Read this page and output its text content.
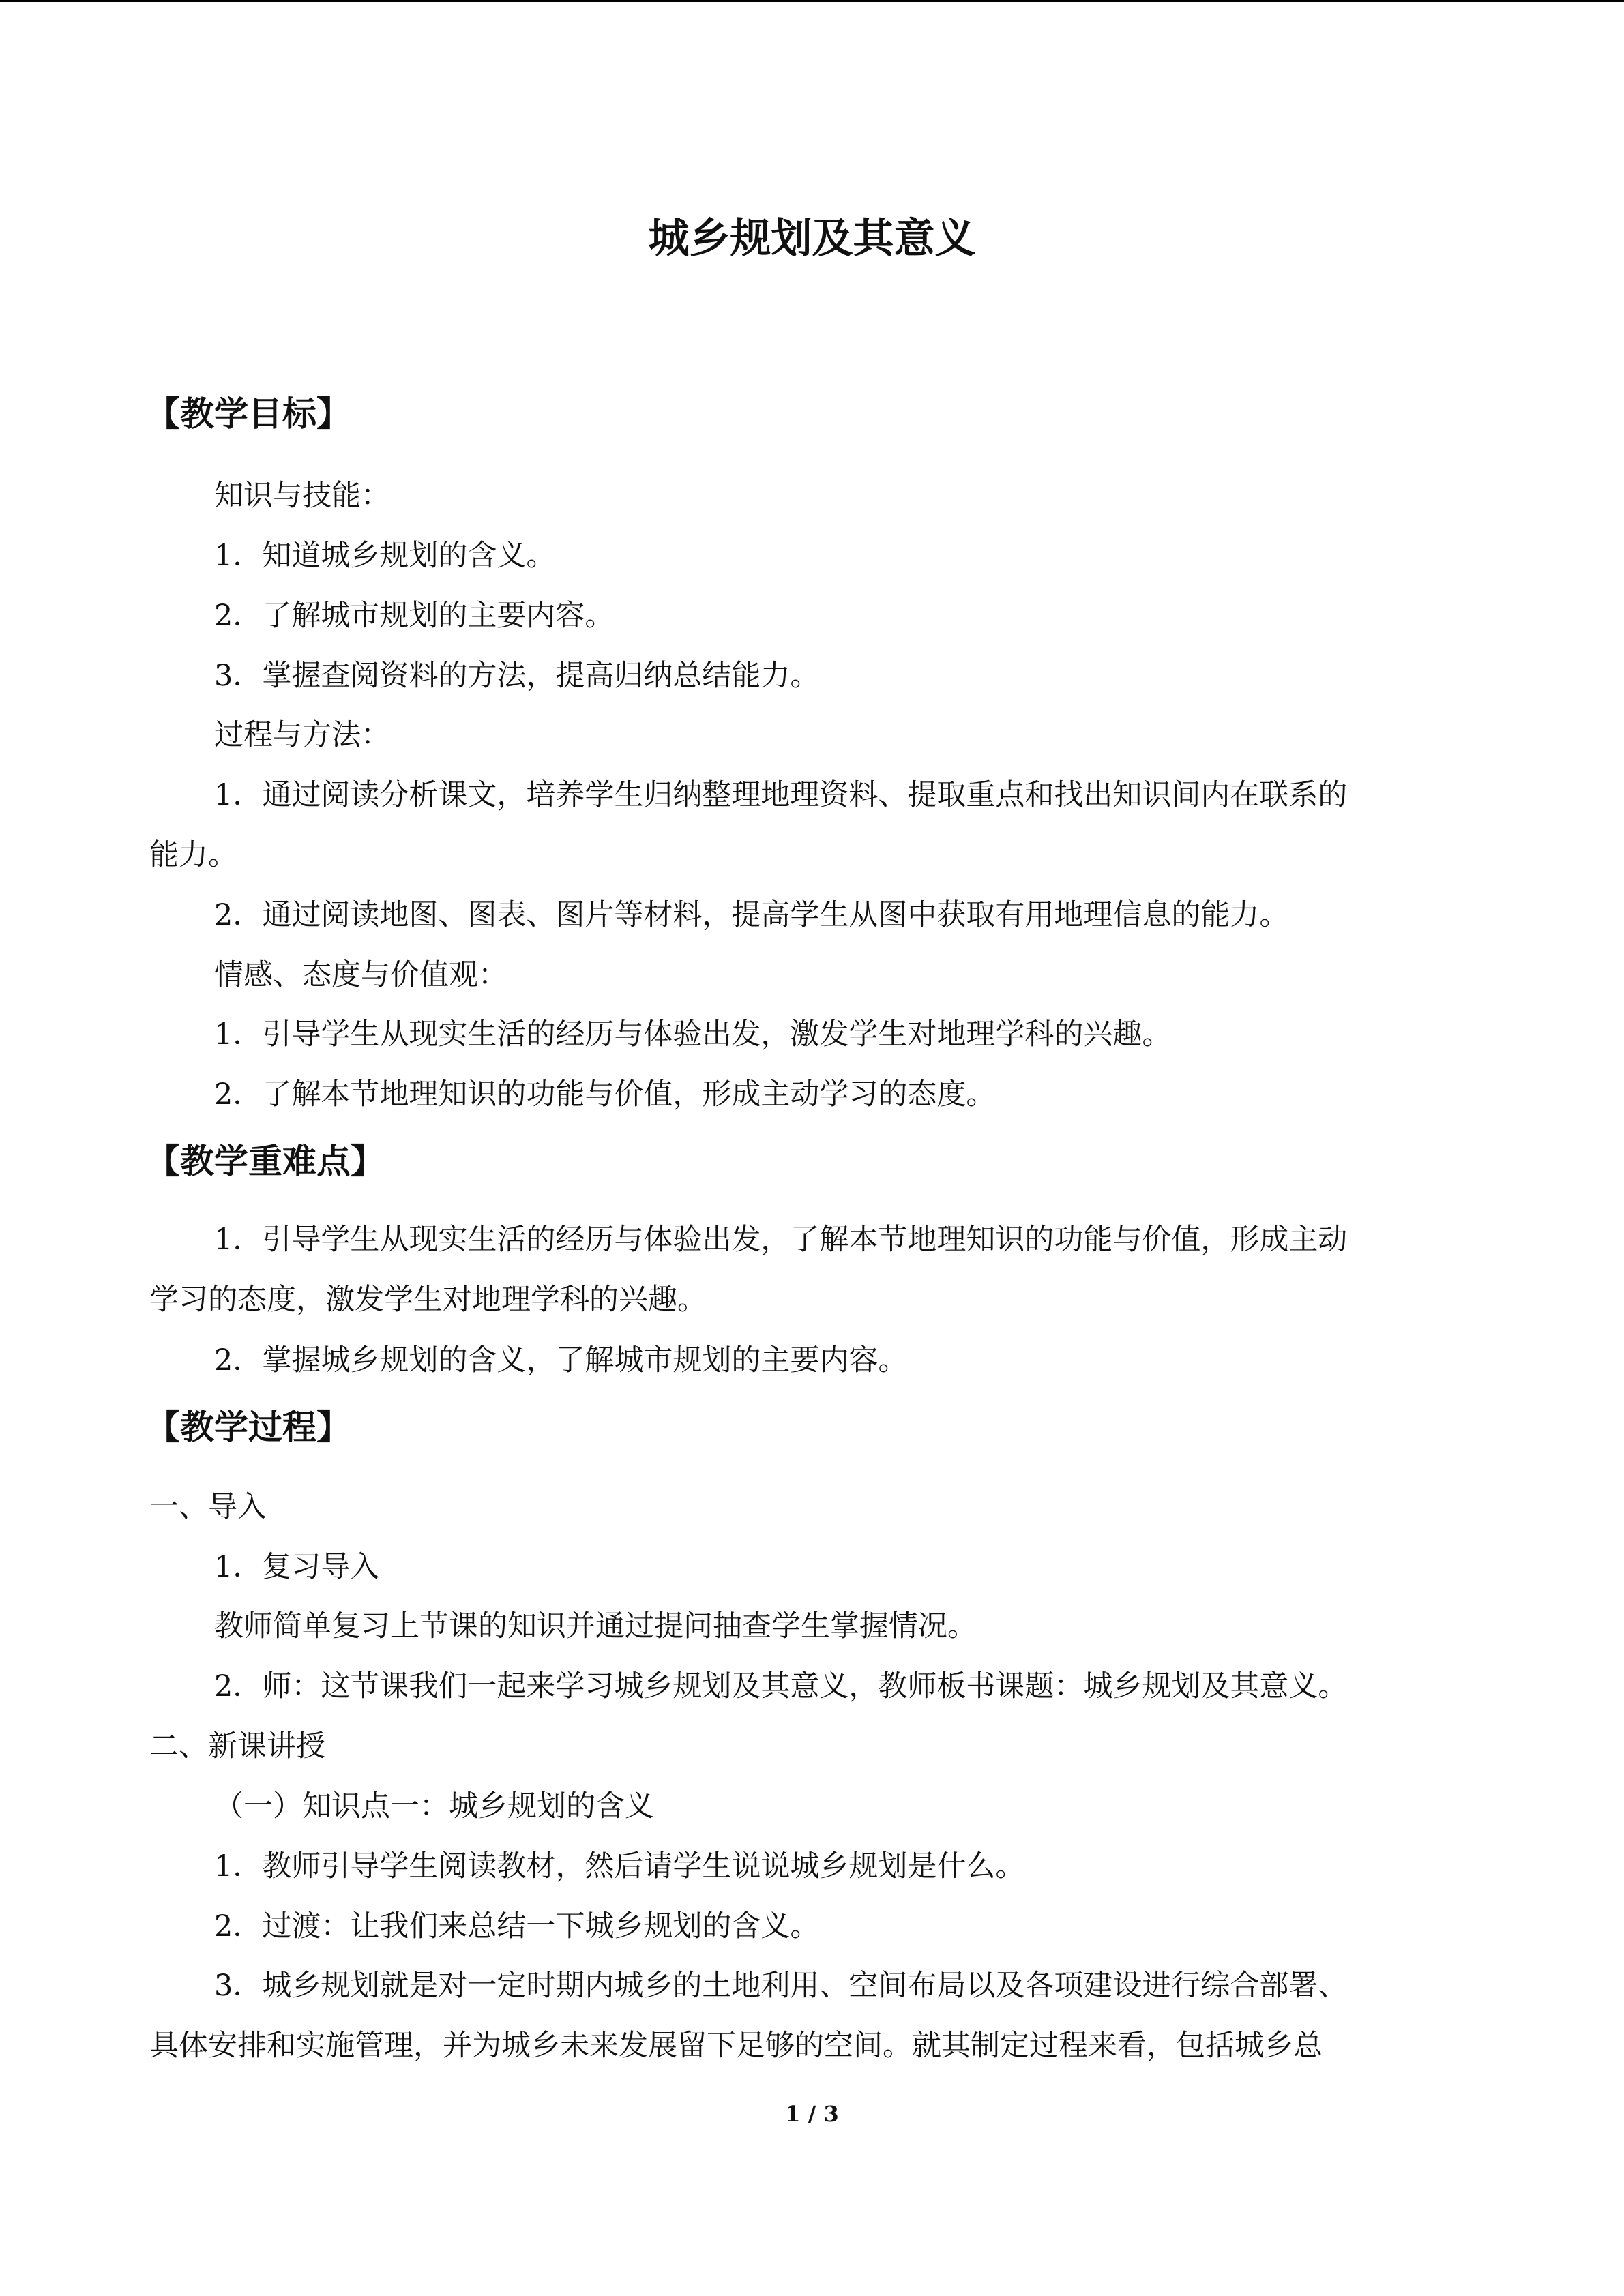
城乡规划及其意义
【教学目标】
知识与技能：
1．知道城乡规划的含义。
2．了解城市规划的主要内容。
3．掌握查阅资料的方法，提高归纳总结能力。
过程与方法：
1．通过阅读分析课文，培养学生归纳整理地理资料、提取重点和找出知识间内在联系的
能力。
2．通过阅读地图、图表、图片等材料，提高学生从图中获取有用地理信息的能力。
情感、态度与价值观：
1．引导学生从现实生活的经历与体验出发，激发学生对地理学科的兴趣。
2．了解本节地理知识的功能与价值，形成主动学习的态度。
【教学重难点】
1．引导学生从现实生活的经历与体验出发，了解本节地理知识的功能与价值，形成主动
学习的态度，激发学生对地理学科的兴趣。
2．掌握城乡规划的含义，了解城市规划的主要内容。
【教学过程】
一、导入
1．复习导入
教师简单复习上节课的知识并通过提问抽查学生掌握情况。
2．师：这节课我们一起来学习城乡规划及其意义，教师板书课题：城乡规划及其意义。
二、新课讲授
（一）知识点一：城乡规划的含义
1．教师引导学生阅读教材，然后请学生说说城乡规划是什么。
2．过渡：让我们来总结一下城乡规划的含义。
3．城乡规划就是对一定时期内城乡的土地利用、空间布局以及各项建设进行综合部署、
具体安排和实施管理，并为城乡未来发展留下足够的空间。就其制定过程来看，包括城乡总
1 / 3
